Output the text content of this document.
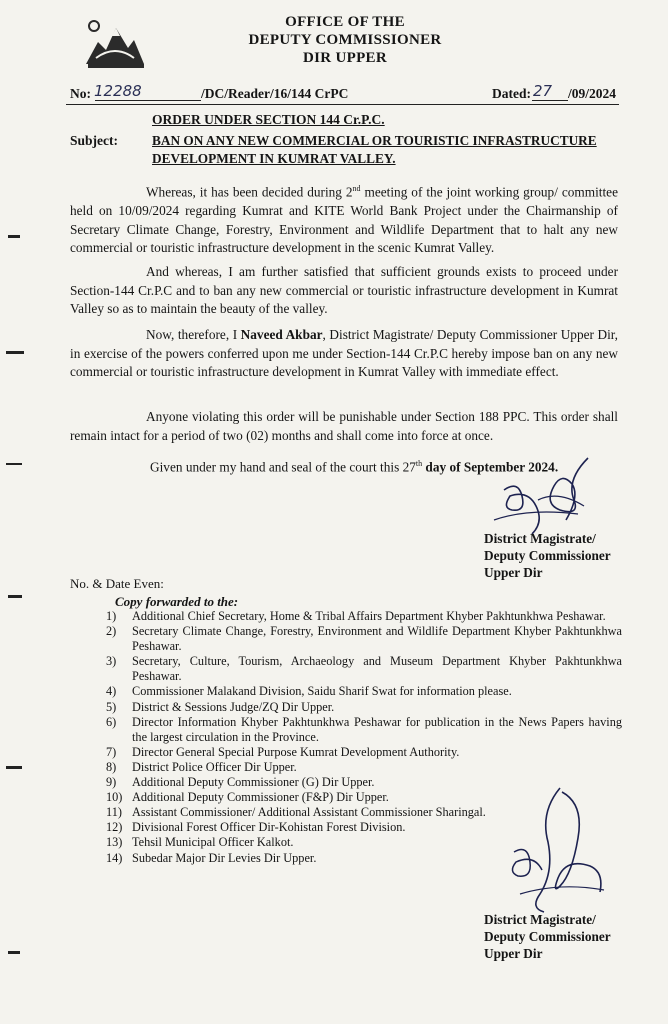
OFFICE OF THE
DEPUTY COMMISSIONER
DIR UPPER
No: 12288	/DC/Reader/16/144 CrPC	Dated: 27 /09/2024
ORDER UNDER SECTION 144 Cr.P.C.
Subject:	BAN ON ANY NEW COMMERCIAL OR TOURISTIC INFRASTRUCTURE
DEVELOPMENT IN KUMRAT VALLEY.

Whereas, it has been decided during 2nd meeting of the joint working group/ committee held on 10/09/2024 regarding Kumrat and KITE World Bank Project under the Chairmanship of Secretary Climate Change, Forestry, Environment and Wildlife Department that to halt any new commercial or touristic infrastructure development in the scenic Kumrat Valley.

And whereas, I am further satisfied that sufficient grounds exists to proceed under Section-144 Cr.P.C and to ban any new commercial or touristic infrastructure development in Kumrat Valley so as to maintain the beauty of the valley.

Now, therefore, I Naveed Akbar, District Magistrate/ Deputy Commissioner Upper Dir, in exercise of the powers conferred upon me under Section-144 Cr.P.C hereby impose ban on any new commercial or touristic infrastructure development in Kumrat Valley with immediate effect.

Anyone violating this order will be punishable under Section 188 PPC. This order shall remain intact for a period of two (02) months and shall come into force at once.

Given under my hand and seal of the court this 27th day of September 2024.
District Magistrate/
Deputy Commissioner
Upper Dir
No. & Date Even:
Copy forwarded to the:
1)	Additional Chief Secretary, Home & Tribal Affairs Department Khyber Pakhtunkhwa Peshawar.
2)	Secretary Climate Change, Forestry, Environment and Wildlife Department Khyber Pakhtunkhwa Peshawar.
3)	Secretary, Culture, Tourism, Archaeology and Museum Department Khyber Pakhtunkhwa Peshawar.
4)	Commissioner Malakand Division, Saidu Sharif Swat for information please.
5)	District & Sessions Judge/ZQ Dir Upper.
6)	Director Information Khyber Pakhtunkhwa Peshawar for publication in the News Papers having the largest circulation in the Province.
7)	Director General Special Purpose Kumrat Development Authority.
8)	District Police Officer Dir Upper.
9)	Additional Deputy Commissioner (G) Dir Upper.
10) Additional Deputy Commissioner (F&P) Dir Upper.
11) Assistant Commissioner/ Additional Assistant Commissioner Sharingal.
12) Divisional Forest Officer Dir-Kohistan Forest Division.
13) Tehsil Municipal Officer Kalkot.
14) Subedar Major Dir Levies Dir Upper.
District Magistrate/
Deputy Commissioner
Upper Dir
